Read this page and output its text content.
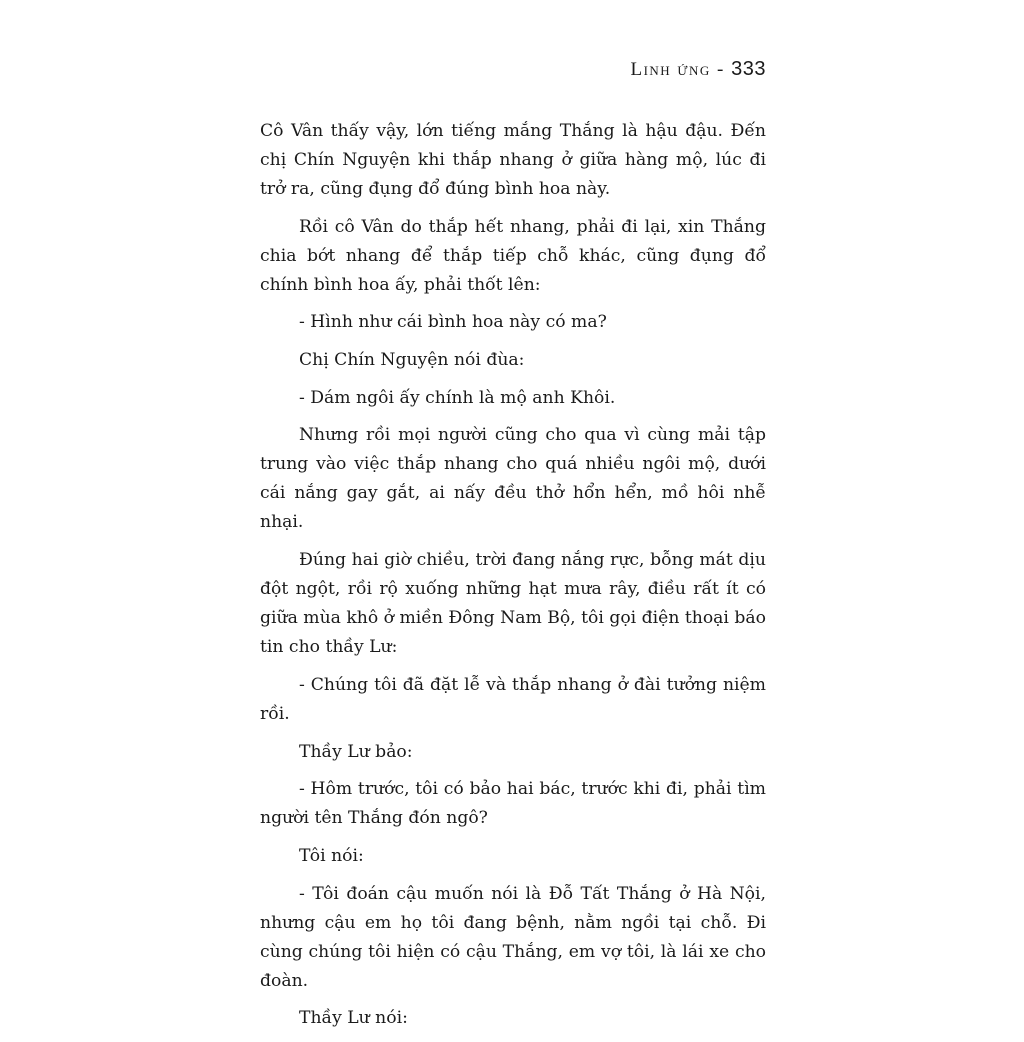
Linh ứng - 333

Cô Vân thấy vậy, lớn tiếng mắng Thắng là hậu đậu. Đến chị Chín Nguyện khi thắp nhang ở giữa hàng mộ, lúc đi trở ra, cũng đụng đổ đúng bình hoa này.

Rồi cô Vân do thắp hết nhang, phải đi lại, xin Thắng chia bớt nhang để thắp tiếp chỗ khác, cũng đụng đổ chính bình hoa ấy, phải thốt lên:

- Hình như cái bình hoa này có ma?

Chị Chín Nguyện nói đùa:

- Dám ngôi ấy chính là mộ anh Khôi.

Nhưng rồi mọi người cũng cho qua vì cùng mải tập trung vào việc thắp nhang cho quá nhiều ngôi mộ, dưới cái nắng gay gắt, ai nấy đều thở hổn hển, mồ hôi nhễ nhại.

Đúng hai giờ chiều, trời đang nắng rực, bỗng mát dịu đột ngột, rồi rộ xuống những hạt mưa rây, điều rất ít có giữa mùa khô ở miền Đông Nam Bộ, tôi gọi điện thoại báo tin cho thầy Lư:

- Chúng tôi đã đặt lễ và thắp nhang ở đài tưởng niệm rồi.

Thầy Lư bảo:

- Hôm trước, tôi có bảo hai bác, trước khi đi, phải tìm người tên Thắng đón ngô?

Tôi nói:

- Tôi đoán cậu muốn nói là Đỗ Tất Thắng ở Hà Nội, nhưng cậu em họ tôi đang bệnh, nằm ngồi tại chỗ. Đi cùng chúng tôi hiện có cậu Thắng, em vợ tôi, là lái xe cho đoàn.

Thầy Lư nói:
